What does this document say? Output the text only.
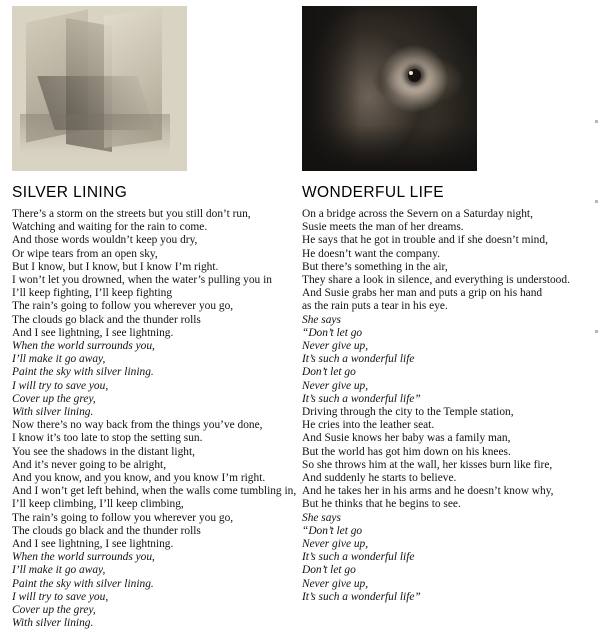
SILVER LINING
There’s a storm on the streets but you still don’t run,
Watching and waiting for the rain to come.
And those words wouldn’t keep you dry,
Or wipe tears from an open sky,
But I know, but I know, but I know I’m right.
I won’t let you drowned, when the water’s pulling you in
I’ll keep fighting, I’ll keep fighting
The rain’s going to follow you wherever you go,
The clouds go black and the thunder rolls
And I see lightning, I see lightning.
When the world surrounds you,
I’ll make it go away,
Paint the sky with silver lining.
I will try to save you,
Cover up the grey,
With silver lining.
Now there’s no way back from the things you’ve done,
I know it’s too late to stop the setting sun.
You see the shadows in the distant light,
And it’s never going to be alright,
And you know, and you know, and you know I’m right.
And I won’t get left behind, when the walls come tumbling in,
I’ll keep climbing, I’ll keep climbing,
The rain’s going to follow you wherever you go,
The clouds go black and the thunder rolls
And I see lightning, I see lightning.
When the world surrounds you,
I’ll make it go away,
Paint the sky with silver lining.
I will try to save you,
Cover up the grey,
With silver lining.
WONDERFUL LIFE
On a bridge across the Severn on a Saturday night,
Susie meets the man of her dreams.
He says that he got in trouble and if she doesn’t mind,
He doesn’t want the company.
But there’s something in the air,
They share a look in silence, and everything is understood.
And Susie grabs her man and puts a grip on his hand
as the rain puts a tear in his eye.
She says
“Don’t let go
Never give up,
It’s such a wonderful life
Don’t let go
Never give up,
It’s such a wonderful life”
Driving through the city to the Temple station,
He cries into the leather seat.
And Susie knows her baby was a family man,
But the world has got him down on his knees.
So she throws him at the wall, her kisses burn like fire,
And suddenly he starts to believe.
And he takes her in his arms and he doesn’t know why,
But he thinks that he begins to see.
She says
“Don’t let go
Never give up,
It’s such a wonderful life
Don’t let go
Never give up,
It’s such a wonderful life”
